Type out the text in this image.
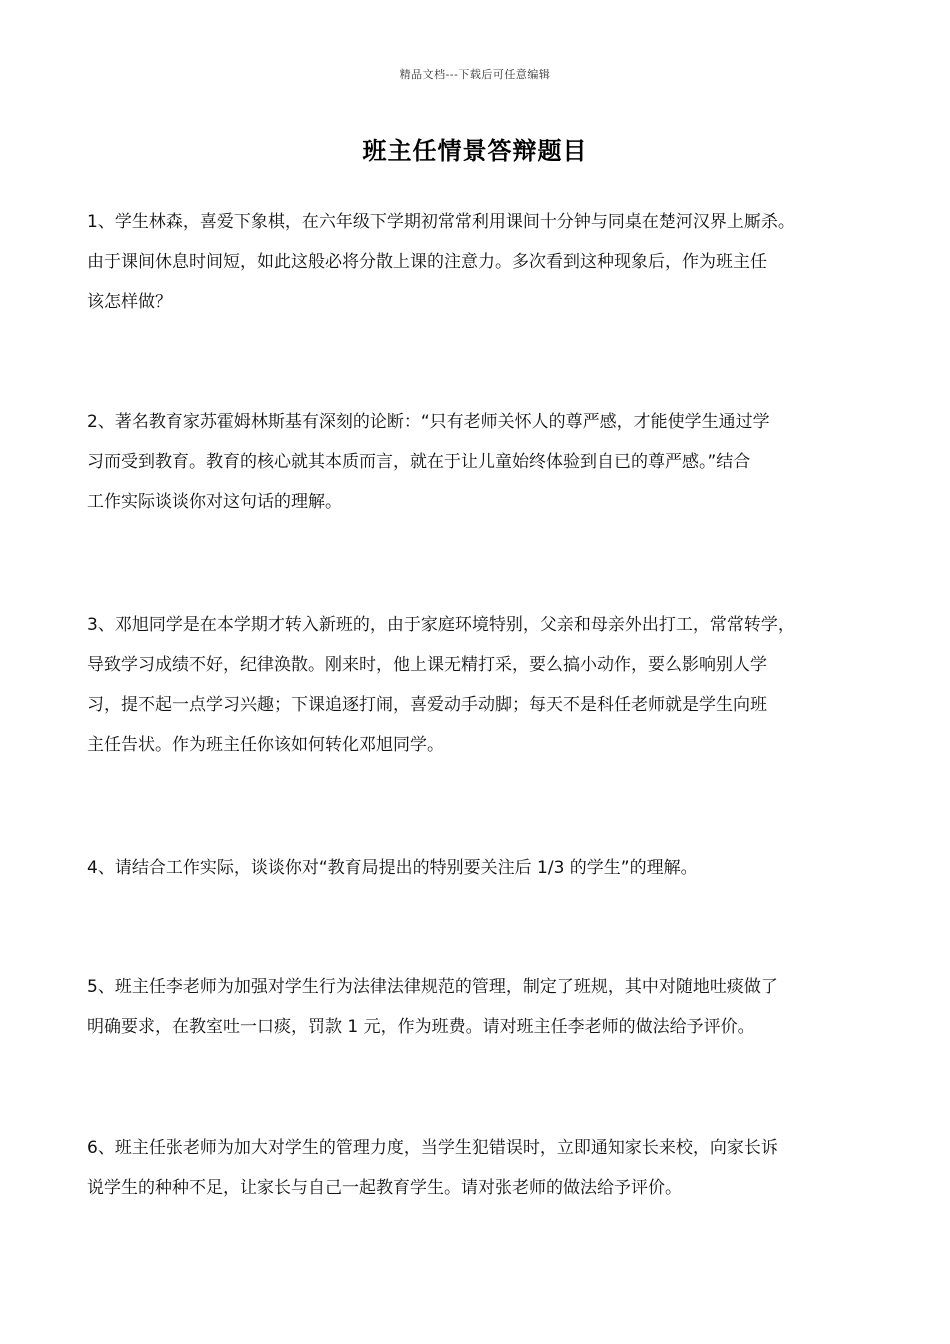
精品文档---下载后可任意编辑
班主任情景答辩题目
1、学生林森，喜爱下象棋，在六年级下学期初常常利用课间十分钟与同桌在楚河汉界上厮杀。
由于课间休息时间短，如此这般必将分散上课的注意力。多次看到这种现象后，作为班主任
该怎样做？
2、著名教育家苏霍姆林斯基有深刻的论断：“只有老师关怀人的尊严感，才能使学生通过学
习而受到教育。教育的核心就其本质而言，就在于让儿童始终体验到自已的尊严感。”结合
工作实际谈谈你对这句话的理解。
3、邓旭同学是在本学期才转入新班的，由于家庭环境特别，父亲和母亲外出打工，常常转学，
导致学习成绩不好，纪律涣散。刚来时，他上课无精打采，要么搞小动作，要么影响别人学
习，提不起一点学习兴趣；下课追逐打闹，喜爱动手动脚；每天不是科任老师就是学生向班
主任告状。作为班主任你该如何转化邓旭同学。
4、请结合工作实际，谈谈你对“教育局提出的特别要关注后 1/3 的学生”的理解。
5、班主任李老师为加强对学生行为法律法律规范的管理，制定了班规，其中对随地吐痰做了
明确要求，在教室吐一口痰，罚款 1 元，作为班费。请对班主任李老师的做法给予评价。
6、班主任张老师为加大对学生的管理力度，当学生犯错误时，立即通知家长来校，向家长诉
说学生的种种不足，让家长与自己一起教育学生。请对张老师的做法给予评价。
